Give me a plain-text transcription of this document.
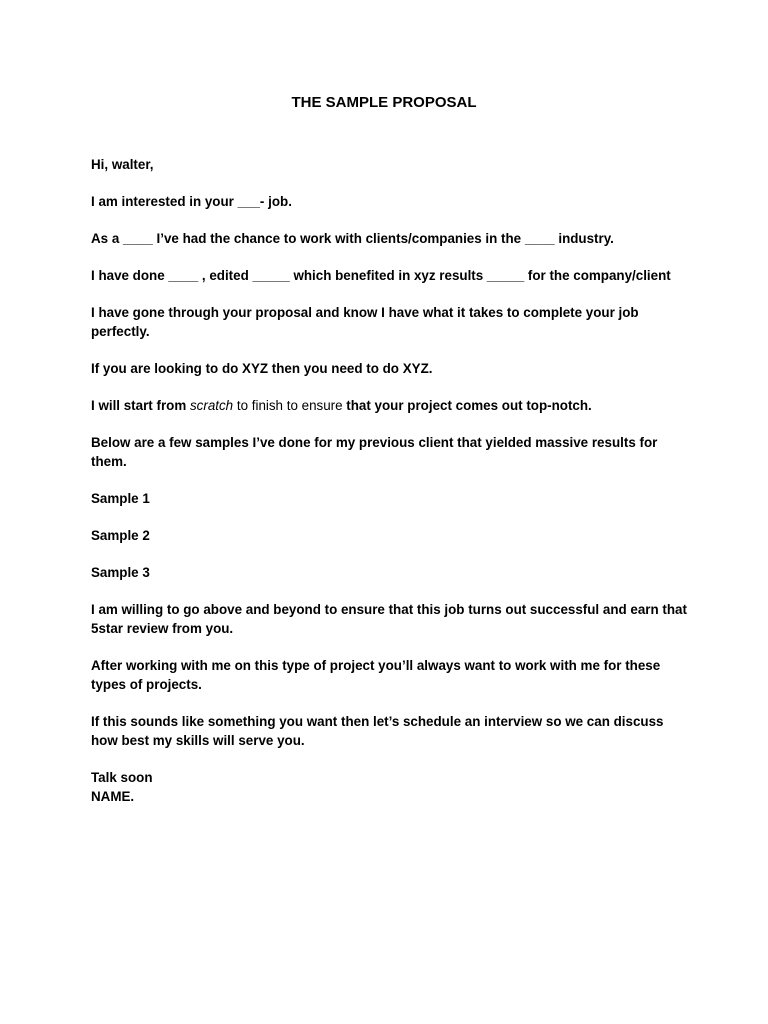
THE SAMPLE PROPOSAL
Hi, walter,
I am interested in your ___- job.
As a ____ I’ve had the chance to work with clients/companies in the ____ industry.
I have done ____ , edited _____ which benefited in xyz results _____ for the company/client
I have gone through your proposal and know I have what it takes to complete your job perfectly.
If you are looking to do XYZ then you need to do XYZ.
I will start from scratch to finish to ensure that your project comes out top-notch.
Below are a few samples I’ve done for my previous client that yielded massive results for them.
Sample 1
Sample 2
Sample 3
I am willing to go above and beyond to ensure that this job turns out successful and earn that 5star review from you.
After working with me on this type of project you’ll always want to work with me for these types of projects.
If this sounds like something you want then let’s schedule an interview so we can discuss how best my skills will serve you.
Talk soon
NAME.
